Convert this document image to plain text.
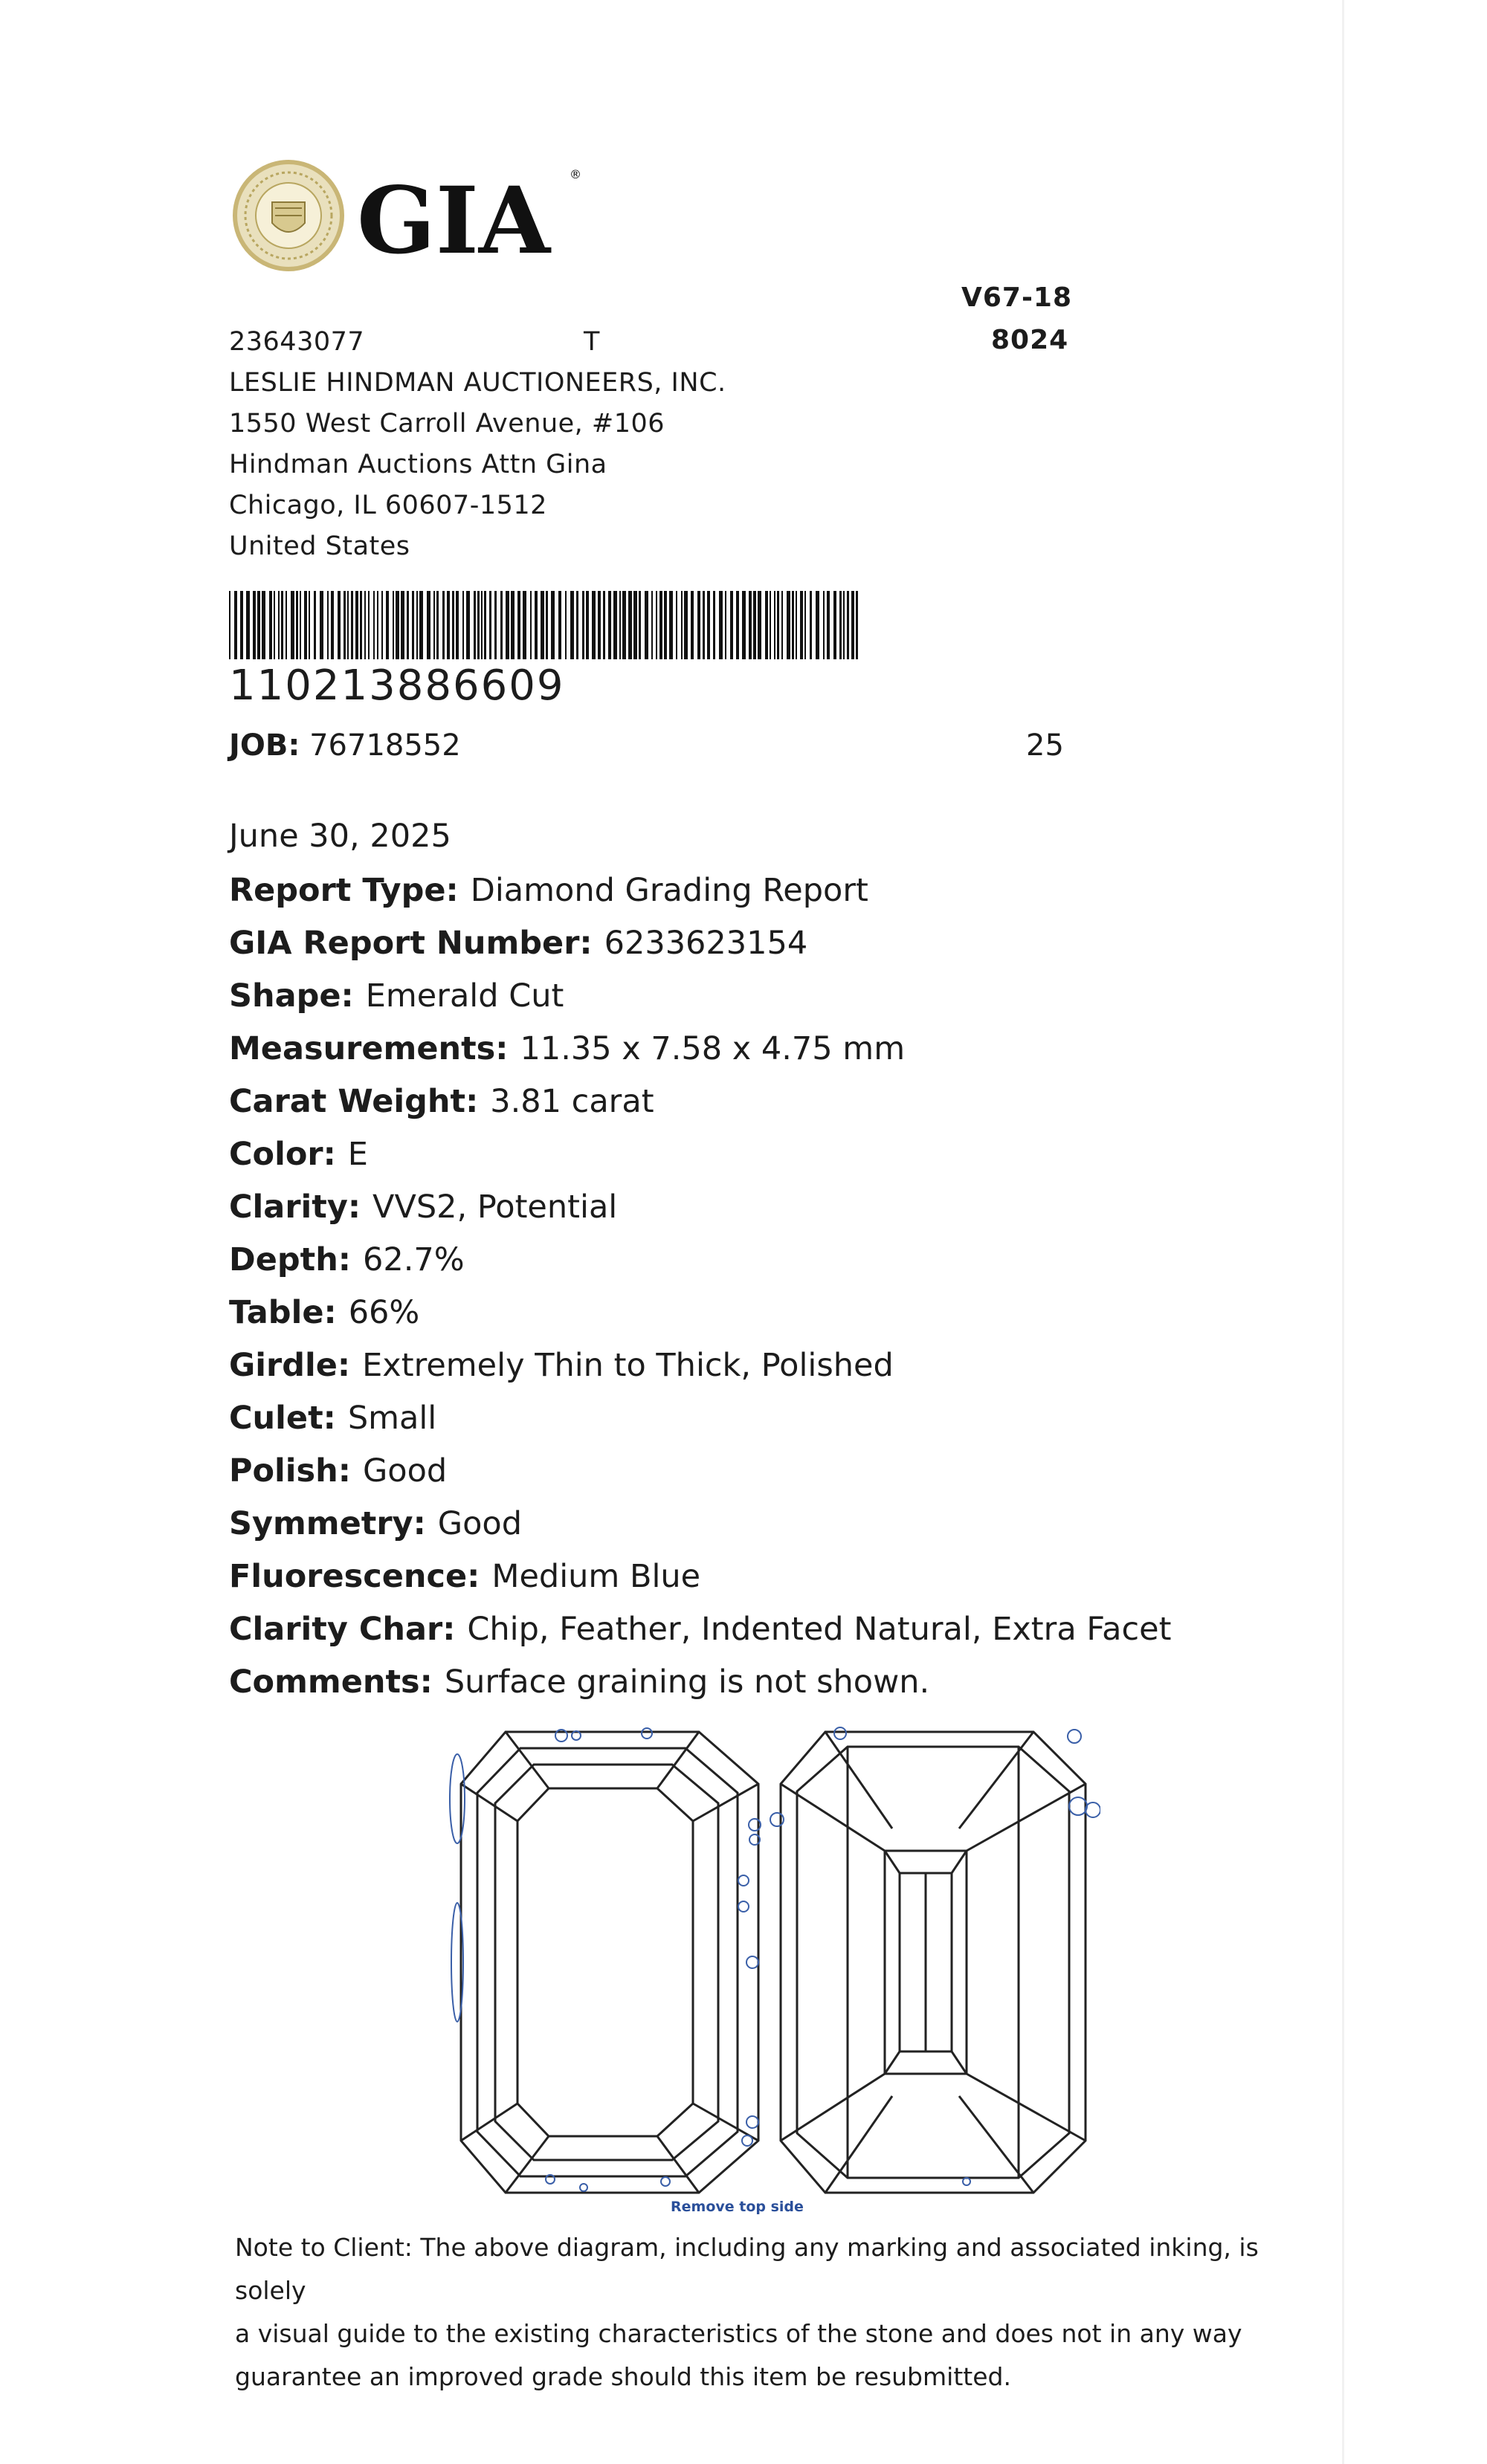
GIA ®
V67-18
8024
23643077	T
LESLIE HINDMAN AUCTIONEERS, INC.
1550 West Carroll Avenue, #106
Hindman Auctions Attn Gina
Chicago, IL 60607-1512
United States
110213886609
JOB: 76718552	25
June 30, 2025
Report Type: Diamond Grading Report
GIA Report Number: 6233623154
Shape: Emerald Cut
Measurements: 11.35 x 7.58 x 4.75 mm
Carat Weight: 3.81 carat
Color: E
Clarity: VVS2, Potential
Depth: 62.7%
Table: 66%
Girdle: Extremely Thin to Thick, Polished
Culet: Small
Polish: Good
Symmetry: Good
Fluorescence: Medium Blue
Clarity Char: Chip, Feather, Indented Natural, Extra Facet
Comments: Surface graining is not shown.
Remove top side
Note to Client: The above diagram, including any marking and associated inking, is solely
a visual guide to the existing characteristics of the stone and does not in any way
guarantee an improved grade should this item be resubmitted.
